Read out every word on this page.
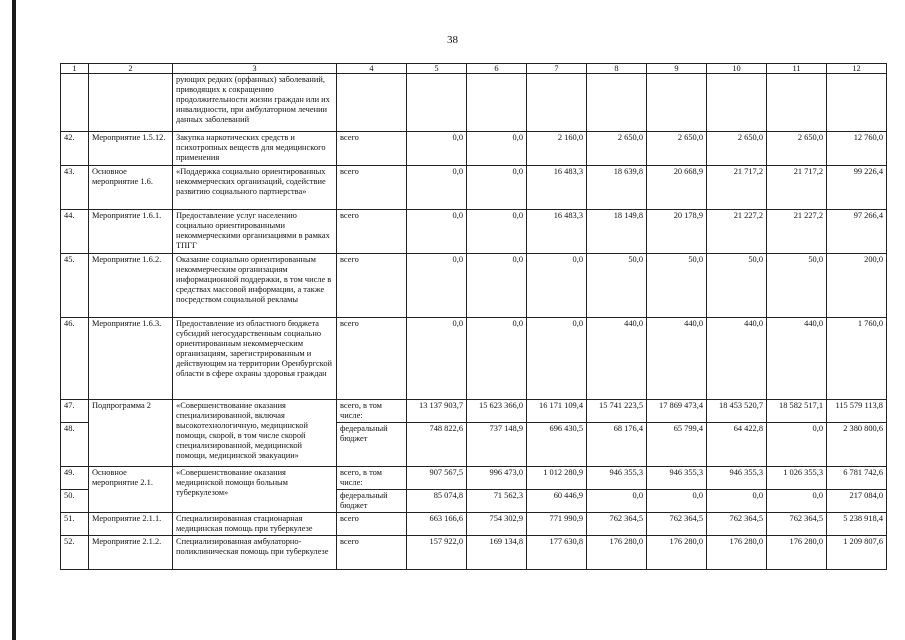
38
1	2	3	4	5	6	7	8	9	10	11	12
		рующих редких (орфанных) заболеваний, приводящих к сокращению продолжительности жизни граждан или их инвалидности, при амбулаторном лечении данных заболеваний									
42.	Мероприятие 1.5.12.	Закупка наркотических средств и психотропных веществ для медицинского применения	всего	0,0	0,0	2 160,0	2 650,0	2 650,0	2 650,0	2 650,0	12 760,0
43.	Основное мероприятие 1.6.	«Поддержка социально ориентированных некоммерческих организаций, содействие развитию социального партнерства»	всего	0,0	0,0	16 483,3	18 639,8	20 668,9	21 717,2	21 717,2	99 226,4
44.	Мероприятие 1.6.1.	Предоставление услуг населению социально ориентированными некоммерческими организациями в рамках ТПГГ	всего	0,0	0,0	16 483,3	18 149,8	20 178,9	21 227,2	21 227,2	97 266,4
45.	Мероприятие 1.6.2.	Оказание социально ориентированным некоммерческим организациям информационной поддержки, в том числе в средствах массовой информации, а также посредством социальной рекламы	всего	0,0	0,0	0,0	50,0	50,0	50,0	50,0	200,0
46.	Мероприятие 1.6.3.	Предоставление из областного бюджета субсидий негосударственным социально ориентированным некоммерческим организациям, зарегистрированным и действующим на территории Оренбургской области в сфере охраны здоровья граждан	всего	0,0	0,0	0,0	440,0	440,0	440,0	440,0	1 760,0
47.	Подпрограмма 2	«Совершенствование оказания специализированной, включая высокотехнологичную, медицинской помощи, скорой, в том числе скорой специализированной, медицинской помощи, медицинской эвакуации»	всего, в том числе:	13 137 903,7	15 623 366,0	16 171 109,4	15 741 223,5	17 869 473,4	18 453 520,7	18 582 517,1	115 579 113,8
48.			федеральный бюджет	748 822,6	737 148,9	696 430,5	68 176,4	65 799,4	64 422,8	0,0	2 380 800,6
49.	Основное мероприятие 2.1.	«Совершенствование оказания медицинской помощи больным туберкулезом»	всего, в том числе:	907 567,5	996 473,0	1 012 280,9	946 355,3	946 355,3	946 355,3	1 026 355,3	6 781 742,6
50.			федеральный бюджет	85 074,8	71 562,3	60 446,9	0,0	0,0	0,0	0,0	217 084,0
51.	Мероприятие 2.1.1.	Специализированная стационарная медицинская помощь при туберкулезе	всего	663 166,6	754 302,9	771 990,9	762 364,5	762 364,5	762 364,5	762 364,5	5 238 918,4
52.	Мероприятие 2.1.2.	Специализированная амбулаторно-поликлиническая помощь при туберкулезе	всего	157 922,0	169 134,8	177 630,8	176 280,0	176 280,0	176 280,0	176 280,0	1 209 807,6
